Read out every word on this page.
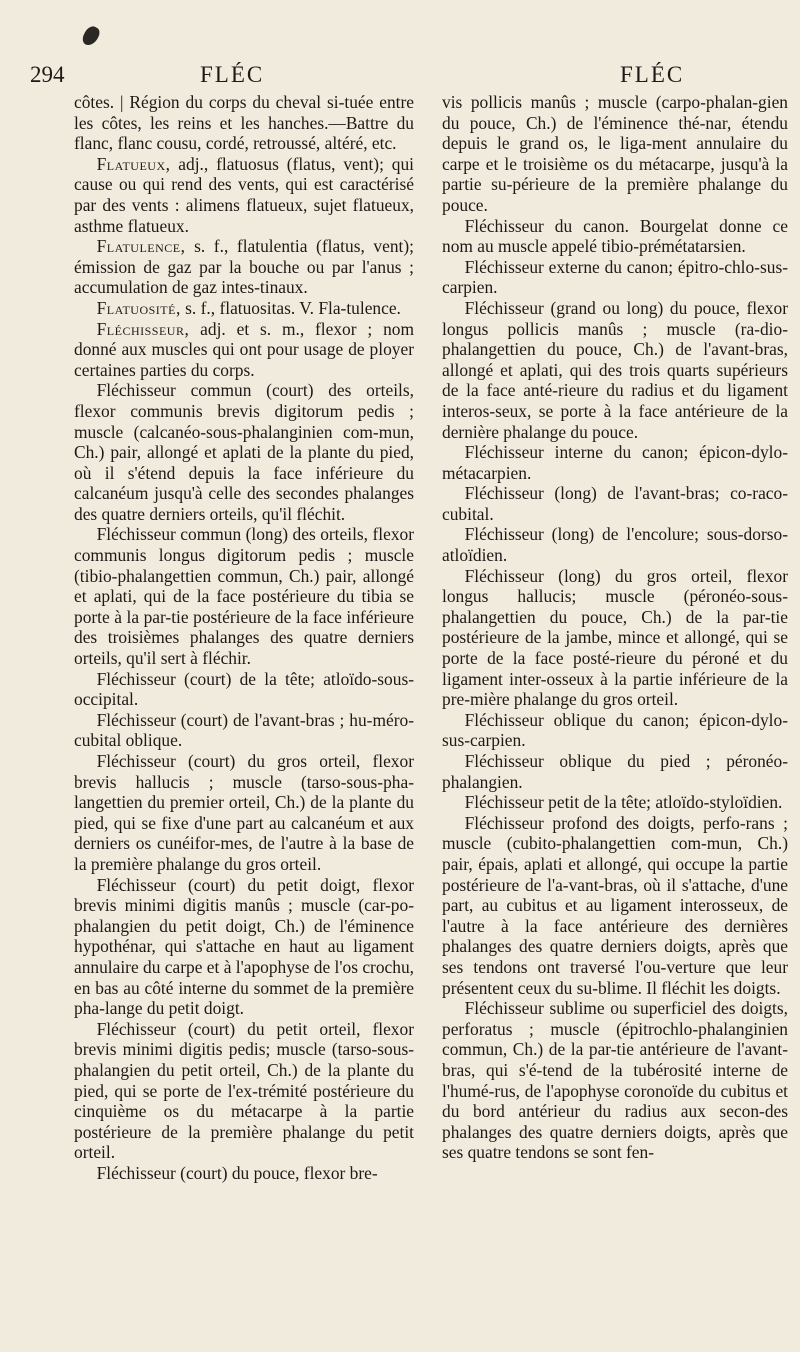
294	FLÉC	FLÉC

côtes. | Région du corps du cheval si-tuée entre les côtes, les reins et les hanches.—Battre du flanc, flanc cousu, cordé, retroussé, altéré, etc.

Flatueux, adj., flatuosus (flatus, vent); qui cause ou qui rend des vents, qui est caractérisé par des vents : alimens flatueux, sujet flatueux, asthme flatueux.

Flatulence, s. f., flatulentia (flatus, vent); émission de gaz par la bouche ou par l'anus ; accumulation de gaz intes-tinaux.

Flatuosité, s. f., flatuositas. V. Fla-tulence.

Fléchisseur, adj. et s. m., flexor ; nom donné aux muscles qui ont pour usage de ployer certaines parties du corps.

Fléchisseur commun (court) des orteils, flexor communis brevis digitorum pedis ; muscle (calcanéo-sous-phalanginien com-mun, Ch.) pair, allongé et aplati de la plante du pied, où il s'étend depuis la face inférieure du calcanéum jusqu'à celle des secondes phalanges des quatre derniers orteils, qu'il fléchit.

Fléchisseur commun (long) des orteils, flexor communis longus digitorum pedis ; muscle (tibio-phalangettien commun, Ch.) pair, allongé et aplati, qui de la face postérieure du tibia se porte à la par-tie postérieure de la face inférieure des troisièmes phalanges des quatre derniers orteils, qu'il sert à fléchir.

Fléchisseur (court) de la tête; atloïdo-sous-occipital.

Fléchisseur (court) de l'avant-bras ; hu-méro-cubital oblique.

Fléchisseur (court) du gros orteil, flexor brevis hallucis ; muscle (tarso-sous-pha-langettien du premier orteil, Ch.) de la plante du pied, qui se fixe d'une part au calcanéum et aux derniers os cunéifor-mes, de l'autre à la base de la première phalange du gros orteil.

Fléchisseur (court) du petit doigt, flexor brevis minimi digitis manûs ; muscle (car-po-phalangien du petit doigt, Ch.) de l'éminence hypothénar, qui s'attache en haut au ligament annulaire du carpe et à l'apophyse de l'os crochu, en bas au côté interne du sommet de la première pha-lange du petit doigt.

Fléchisseur (court) du petit orteil, flexor brevis minimi digitis pedis; muscle (tarso-sous-phalangien du petit orteil, Ch.) de la plante du pied, qui se porte de l'ex-trémité postérieure du cinquième os du métacarpe à la partie postérieure de la première phalange du petit orteil.

Fléchisseur (court) du pouce, flexor bre-

vis pollicis manûs ; muscle (carpo-phalan-gien du pouce, Ch.) de l'éminence thé-nar, étendu depuis le grand os, le liga-ment annulaire du carpe et le troisième os du métacarpe, jusqu'à la partie su-périeure de la première phalange du pouce.

Fléchisseur du canon. Bourgelat donne ce nom au muscle appelé tibio-prémétatarsien.

Fléchisseur externe du canon; épitro-chlo-sus-carpien.

Fléchisseur (grand ou long) du pouce, flexor longus pollicis manûs ; muscle (ra-dio-phalangettien du pouce, Ch.) de l'avant-bras, allongé et aplati, qui des trois quarts supérieurs de la face anté-rieure du radius et du ligament interos-seux, se porte à la face antérieure de la dernière phalange du pouce.

Fléchisseur interne du canon; épicon-dylo-métacarpien.

Fléchisseur (long) de l'avant-bras; co-raco-cubital.

Fléchisseur (long) de l'encolure; sous-dorso-atloïdien.

Fléchisseur (long) du gros orteil, flexor longus hallucis; muscle (péronéo-sous-phalangettien du pouce, Ch.) de la par-tie postérieure de la jambe, mince et allongé, qui se porte de la face posté-rieure du péroné et du ligament inter-osseux à la partie inférieure de la pre-mière phalange du gros orteil.

Fléchisseur oblique du canon; épicon-dylo-sus-carpien.

Fléchisseur oblique du pied ; péronéo-phalangien.

Fléchisseur petit de la tête; atloïdo-styloïdien.

Fléchisseur profond des doigts, perfo-rans ; muscle (cubito-phalangettien com-mun, Ch.) pair, épais, aplati et allongé, qui occupe la partie postérieure de l'a-vant-bras, où il s'attache, d'une part, au cubitus et au ligament interosseux, de l'autre à la face antérieure des dernières phalanges des quatre derniers doigts, après que ses tendons ont traversé l'ou-verture que leur présentent ceux du su-blime. Il fléchit les doigts.

Fléchisseur sublime ou superficiel des doigts, perforatus ; muscle (épitrochlo-phalanginien commun, Ch.) de la par-tie antérieure de l'avant-bras, qui s'é-tend de la tubérosité interne de l'humé-rus, de l'apophyse coronoïde du cubitus et du bord antérieur du radius aux secon-des phalanges des quatre derniers doigts, après que ses quatre tendons se sont fen-
